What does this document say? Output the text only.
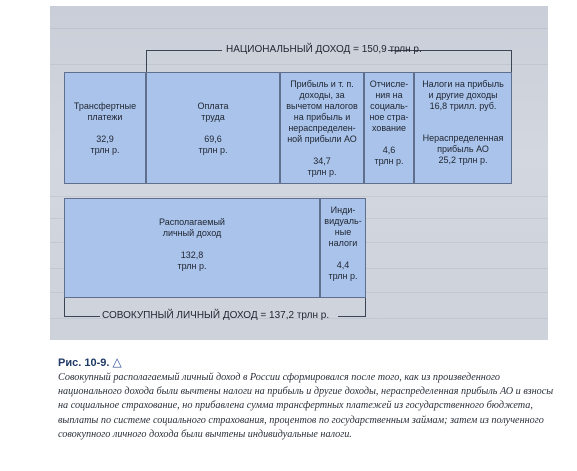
НАЦИОНАЛЬНЫЙ ДОХОД = 150,9 трлн р.
Трансфертные
платежи

32,9
трлн р.
Оплата
труда

69,6
трлн р.
Прибыль и т. п.
доходы, за
вычетом налогов
на прибыль и
нераспределен-
ной прибыли АО

34,7
трлн р.
Отчисле-
ния на
социаль-
ное стра-
хование

4,6
трлн р.
Налоги на прибыль
и другие доходы
16,8 трилл. руб.
Нераспределенная
прибыль АО
25,2 трлн р.
Располагаемый
личный доход

132,8
трлн р.
Инди-
видуаль-
ные
налоги

4,4
трлн р.
СОВОКУПНЫЙ ЛИЧНЫЙ ДОХОД = 137,2 трлн р.
Рис. 10-9. △
Совокупный располагаемый личный доход в России сформировался после того, как из произведенного национального дохода были вычтены налоги на прибыль и другие доходы, нераспределенная прибыль АО и взносы на социальное страхование, но прибавлена сумма трансфертных платежей из государственного бюджета, выплаты по системе социального страхования, процентов по государственным займам; затем из полученного совокупного личного дохода были вычтены индивидуальные налоги.
